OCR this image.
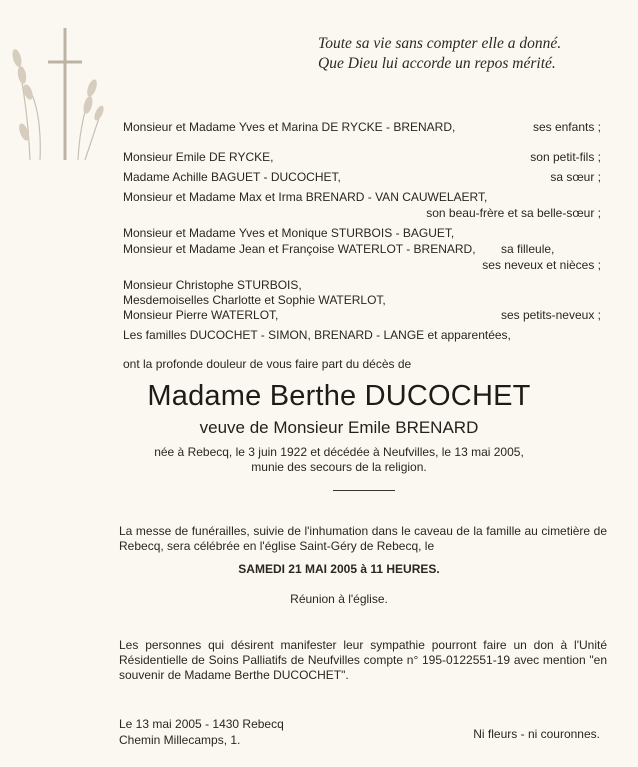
Toute sa vie sans compter elle a donné.
Que Dieu lui accorde un repos mérité.
Monsieur et Madame Yves et Marina DE RYCKE - BRENARD,	ses enfants ;
Monsieur Emile DE RYCKE,	son petit-fils ;
Madame Achille BAGUET - DUCOCHET,	sa sœur ;
Monsieur et Madame Max et Irma BRENARD - VAN CAUWELAERT,
son beau-frère et sa belle-sœur ;
Monsieur et Madame Yves et Monique STURBOIS - BAGUET,
Monsieur et Madame Jean et Françoise WATERLOT - BRENARD, sa filleule,
ses neveux et nièces ;
Monsieur Christophe STURBOIS,
Mesdemoiselles Charlotte et Sophie WATERLOT,
Monsieur Pierre WATERLOT,	ses petits-neveux ;
Les familles DUCOCHET - SIMON, BRENARD - LANGE et apparentées,
ont la profonde douleur de vous faire part du décès de
Madame Berthe DUCOCHET
veuve de Monsieur Emile BRENARD
née à Rebecq, le 3 juin 1922 et décédée à Neufvilles, le 13 mai 2005,
munie des secours de la religion.
La messe de funérailles, suivie de l'inhumation dans le caveau de la famille au cimetière de Rebecq, sera célébrée en l'église Saint-Géry de Rebecq, le
SAMEDI 21 MAI 2005 à 11 HEURES.
Réunion à l'église.
Les personnes qui désirent manifester leur sympathie pourront faire un don à l'Unité Résidentielle de Soins Palliatifs de Neufvilles compte n° 195-0122551-19 avec mention "en souvenir de Madame Berthe DUCOCHET".
Le 13 mai 2005 - 1430 Rebecq
Chemin Millecamps, 1.	Ni fleurs - ni couronnes.
